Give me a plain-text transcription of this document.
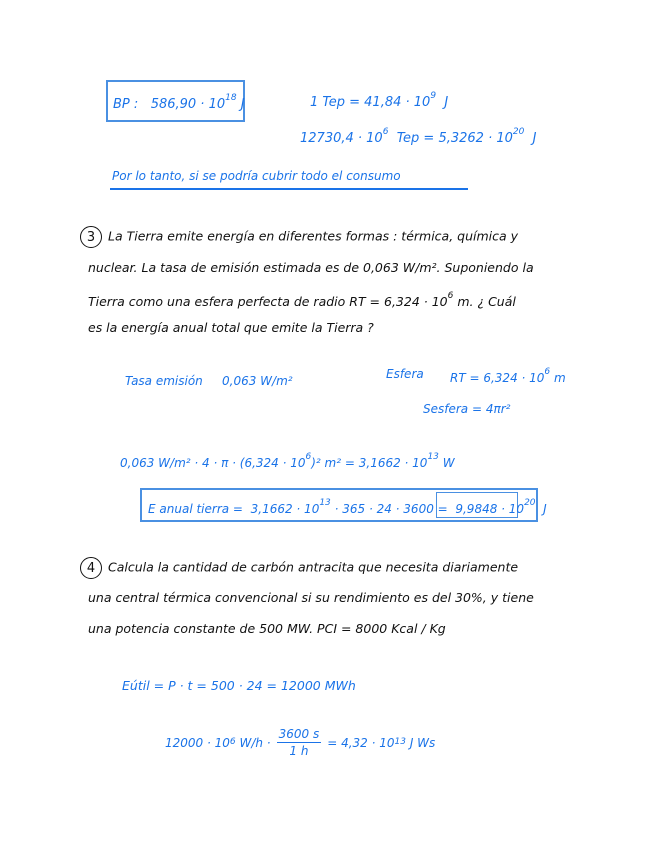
BP : $586,90 \cdot 10^{18}$ J	1 Tep = $41,84 \cdot 10^9$ J
$12730,4 \cdot 10^6$ Tep = $5,3262 \cdot 10^{20}$ J
Por lo tanto, si se podría cubrir todo el consumo
3 La Tierra emite energía en diferentes formas : térmica, química y
nuclear. La tasa de emisión estimada es de 0,063 W/m². Suponiendo la
Tierra como una esfera perfecta de radio RT = $6,324 \cdot 10^6$ m. ¿ Cuál
es la energía anual total que emite la Tierra ?
Tasa emisión 0,063 W/m²	Esfera RT = $6,324 \cdot 10^6$ m
Sesfera = 4πr²
0,063 $W/m^2 \cdot 4 \cdot \pi \cdot (6,324 \cdot 10^6)^2$ $m^2 = 3,1662 \cdot 10^{13}$ W
E anual tierra = $3,1662 \cdot 10^{13} \cdot 365 \cdot 24 \cdot 3600 = 9,9848 \cdot 10^{20}$ J
4 Calcula la cantidad de carbón antracita que necesita diariamente
una central térmica convencional si su rendimiento es del 30%, y tiene
una potencia constante de 500 MW. PCI = 8000 Kcal / Kg
Eútil = P · t = 500 · 24 = 12000 MWh
12000 · 10 6
$W/h \cdot \frac{3600 s}{1 h} = 4,32 \cdot 10$ 13
J Ws
